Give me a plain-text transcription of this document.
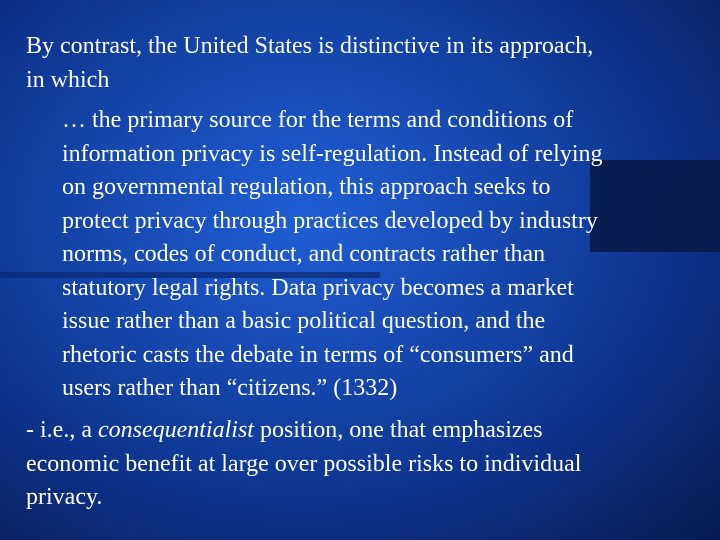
By contrast, the United States is distinctive in its approach,
in which

… the primary source for the terms and conditions of
information privacy is self-regulation. Instead of relying
on governmental regulation, this approach seeks to
protect privacy through practices developed by industry
norms, codes of conduct, and contracts rather than
statutory legal rights. Data privacy becomes a market
issue rather than a basic political question, and the
rhetoric casts the debate in terms of “consumers” and
users rather than “citizens.” (1332)

- i.e., a consequentialist position, one that emphasizes
economic benefit at large over possible risks to individual
privacy.
